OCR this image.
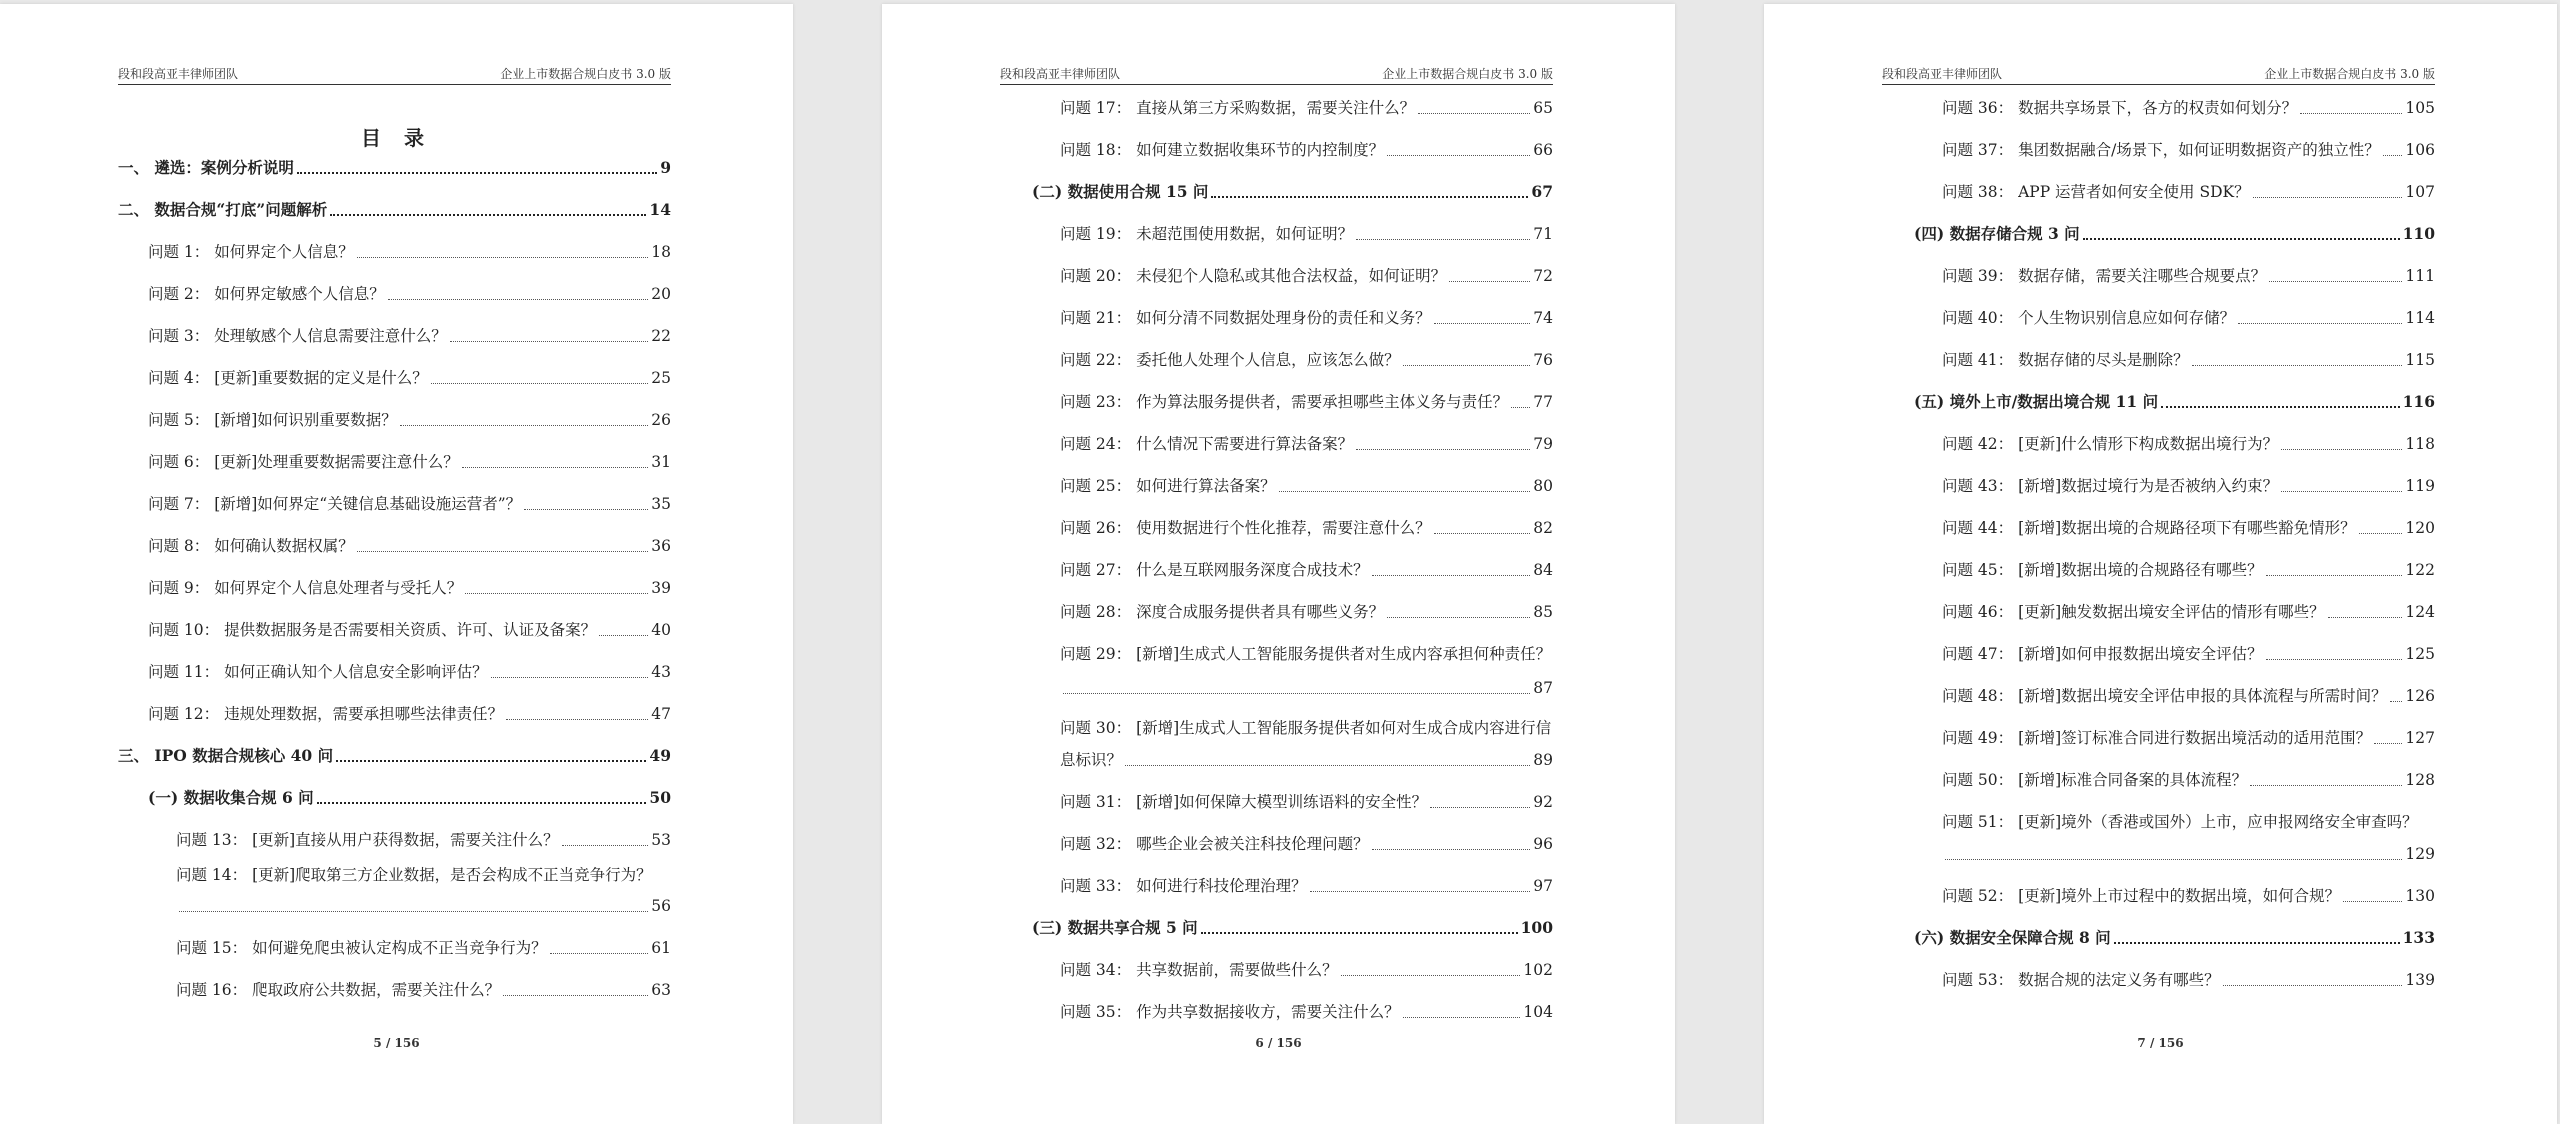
段和段高亚丰律师团队	企业上市数据合规白皮书 3.0 版
目 录
一、 遴选：案例分析说明	9
二、 数据合规“打底”问题解析	14
问题 1： 如何界定个人信息？	18
问题 2： 如何界定敏感个人信息？	20
问题 3： 处理敏感个人信息需要注意什么？	22
问题 4： [更新]重要数据的定义是什么？	25
问题 5： [新增]如何识别重要数据？	26
问题 6： [更新]处理重要数据需要注意什么？	31
问题 7： [新增]如何界定“关键信息基础设施运营者”？	35
问题 8： 如何确认数据权属？	36
问题 9： 如何界定个人信息处理者与受托人？	39
问题 10： 提供数据服务是否需要相关资质、许可、认证及备案？	40
问题 11： 如何正确认知个人信息安全影响评估？	43
问题 12： 违规处理数据，需要承担哪些法律责任？	47
三、 IPO 数据合规核心 40 问	49
(一) 数据收集合规 6 问	50
问题 13： [更新]直接从用户获得数据，需要关注什么？	53
问题 14： [更新]爬取第三方企业数据，是否会构成不正当竞争行为？
56
问题 15： 如何避免爬虫被认定构成不正当竞争行为？	61
问题 16： 爬取政府公共数据，需要关注什么？	63
5 / 156
段和段高亚丰律师团队	企业上市数据合规白皮书 3.0 版
问题 17： 直接从第三方采购数据，需要关注什么？	65
问题 18： 如何建立数据收集环节的内控制度？	66
(二) 数据使用合规 15 问	67
问题 19： 未超范围使用数据，如何证明？	71
问题 20： 未侵犯个人隐私或其他合法权益，如何证明？	72
问题 21： 如何分清不同数据处理身份的责任和义务？	74
问题 22： 委托他人处理个人信息，应该怎么做？	76
问题 23： 作为算法服务提供者，需要承担哪些主体义务与责任？ 77
问题 24： 什么情况下需要进行算法备案？	79
问题 25： 如何进行算法备案？	80
问题 26： 使用数据进行个性化推荐，需要注意什么？	82
问题 27： 什么是互联网服务深度合成技术？	84
问题 28： 深度合成服务提供者具有哪些义务？	85
问题 29： [新增]生成式人工智能服务提供者对生成内容承担何种责任？
87
问题 30： [新增]生成式人工智能服务提供者如何对生成合成内容进行信
息标识？	89
问题 31： [新增]如何保障大模型训练语料的安全性？	92
问题 32： 哪些企业会被关注科技伦理问题？	96
问题 33： 如何进行科技伦理治理？	97
(三) 数据共享合规 5 问	100
问题 34： 共享数据前，需要做些什么？	102
问题 35： 作为共享数据接收方，需要关注什么？	104
6 / 156
段和段高亚丰律师团队	企业上市数据合规白皮书 3.0 版
问题 36： 数据共享场景下，各方的权责如何划分？	105
问题 37： 集团数据融合/场景下，如何证明数据资产的独立性？ 106
问题 38： APP 运营者如何安全使用 SDK？	107
(四) 数据存储合规 3 问	110
问题 39： 数据存储，需要关注哪些合规要点？	111
问题 40： 个人生物识别信息应如何存储？	114
问题 41： 数据存储的尽头是删除？	115
(五) 境外上市/数据出境合规 11 问	116
问题 42： [更新]什么情形下构成数据出境行为？	118
问题 43： [新增]数据过境行为是否被纳入约束？	119
问题 44： [新增]数据出境的合规路径项下有哪些豁免情形？	120
问题 45： [新增]数据出境的合规路径有哪些？	122
问题 46： [更新]触发数据出境安全评估的情形有哪些？	124
问题 47： [新增]如何申报数据出境安全评估？	125
问题 48： [新增]数据出境安全评估申报的具体流程与所需时间？ 126
问题 49： [新增]签订标准合同进行数据出境活动的适用范围？ 127
问题 50： [新增]标准合同备案的具体流程？	128
问题 51： [更新]境外（香港或国外）上市，应申报网络安全审查吗？
129
问题 52： [更新]境外上市过程中的数据出境，如何合规？	130
(六) 数据安全保障合规 8 问	133
问题 53： 数据合规的法定义务有哪些？	139
7 / 156
